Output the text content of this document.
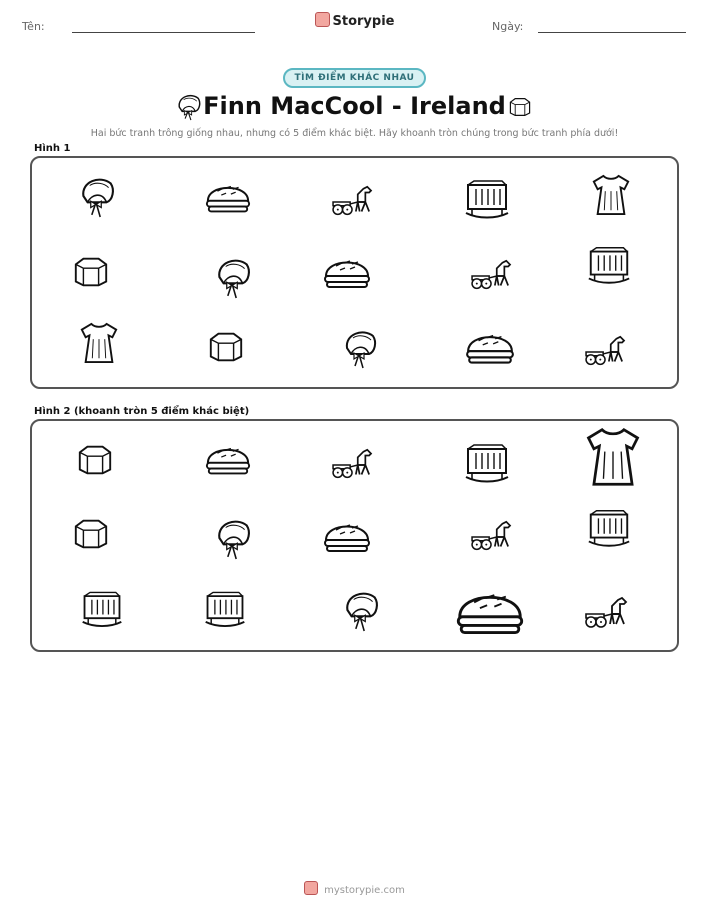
Tên:	Storypie	Ngày:
TÌM ĐIỂM KHÁC NHAU
Finn MacCool - Ireland
Hai bức tranh trông giống nhau, nhưng có 5 điểm khác biệt. Hãy khoanh tròn chúng trong bức tranh phía dưới!
Hình 1
Hình 2 (khoanh tròn 5 điểm khác biệt)
mystorypie.com
